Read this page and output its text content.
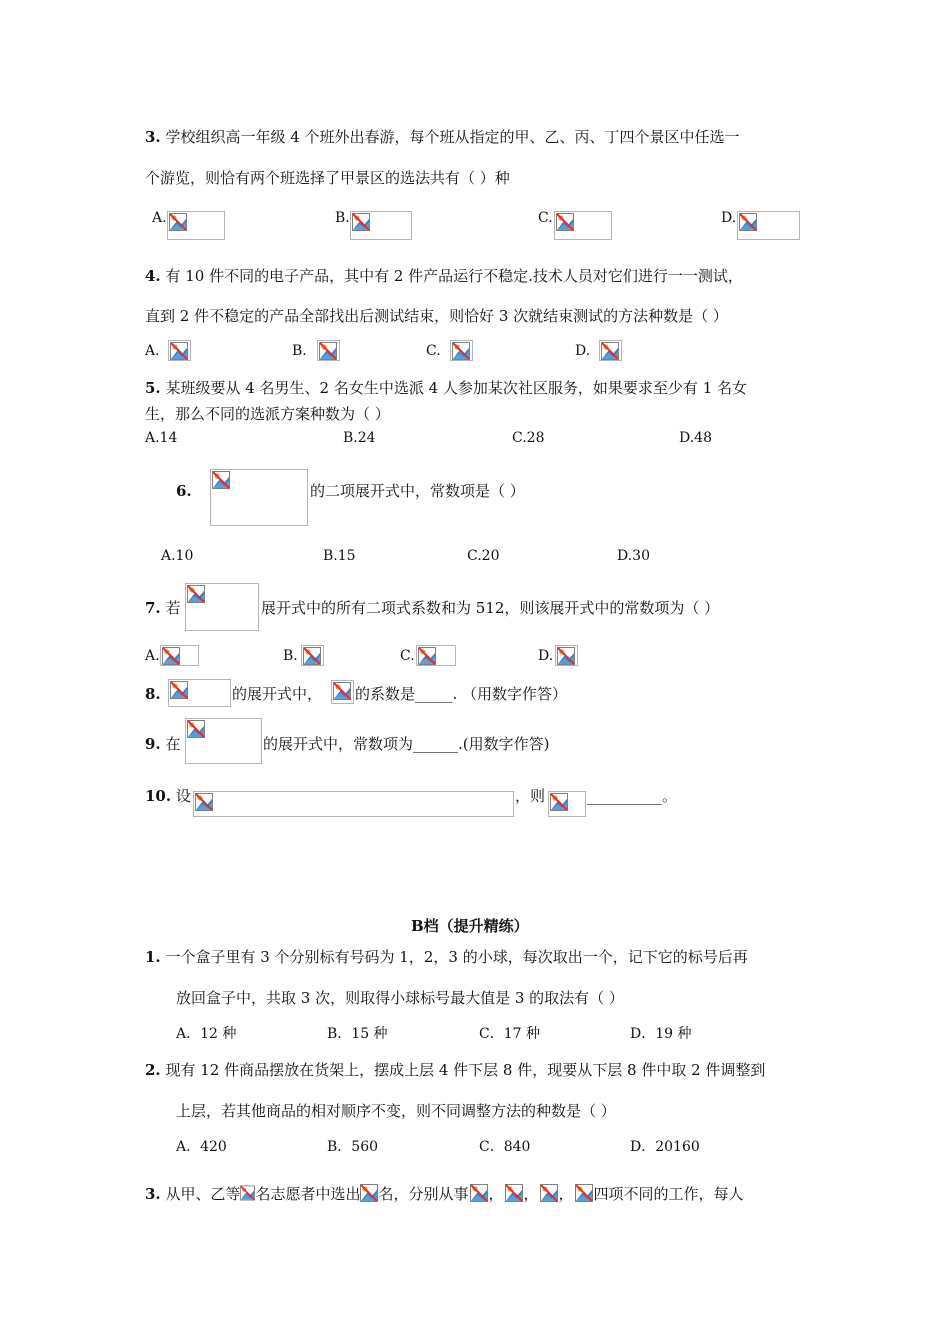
3. 学校组织高一年级 4 个班外出春游，每个班从指定的甲、乙、丙、丁四个景区中任选一
个游览，则恰有两个班选择了甲景区的选法共有（ ）种
A.	B.	C.	D.
4. 有 10 件不同的电子产品，其中有 2 件产品运行不稳定.技术人员对它们进行一一测试，
直到 2 件不稳定的产品全部找出后测试结束，则恰好 3 次就结束测试的方法种数是（ ）
A.	B.	C.	D.
5. 某班级要从 4 名男生、2 名女生中选派 4 人参加某次社区服务，如果要求至少有 1 名女
生，那么不同的选派方案种数为（ ）
A.14	B.24	C.28	D.48
6.	的二项展开式中，常数项是（ ）
A.10	B.15	C.20	D.30
7. 若	展开式中的所有二项式系数和为 512，则该展开式中的常数项为（ ）
A.	B.	C.	D.
8.	的展开式中， 的系数是_____. （用数字作答）
9. 在	的展开式中，常数项为______.(用数字作答)
10. 设	，则	__________。
B档（提升精练）
1. 一个盒子里有 3 个分别标有号码为 1，2，3 的小球，每次取出一个，记下它的标号后再
放回盒子中，共取 3 次，则取得小球标号最大值是 3 的取法有（ ）
A．12 种	B．15 种	C．17 种	D．19 种
2. 现有 12 件商品摆放在货架上，摆成上层 4 件下层 8 件，现要从下层 8 件中取 2 件调整到
上层，若其他商品的相对顺序不变，则不同调整方法的种数是（ ）
A．420	B．560	C．840	D．20160
3. 从甲、乙等 名志愿者中选出 名，分别从事 ， ， ， 四项不同的工作，每人
